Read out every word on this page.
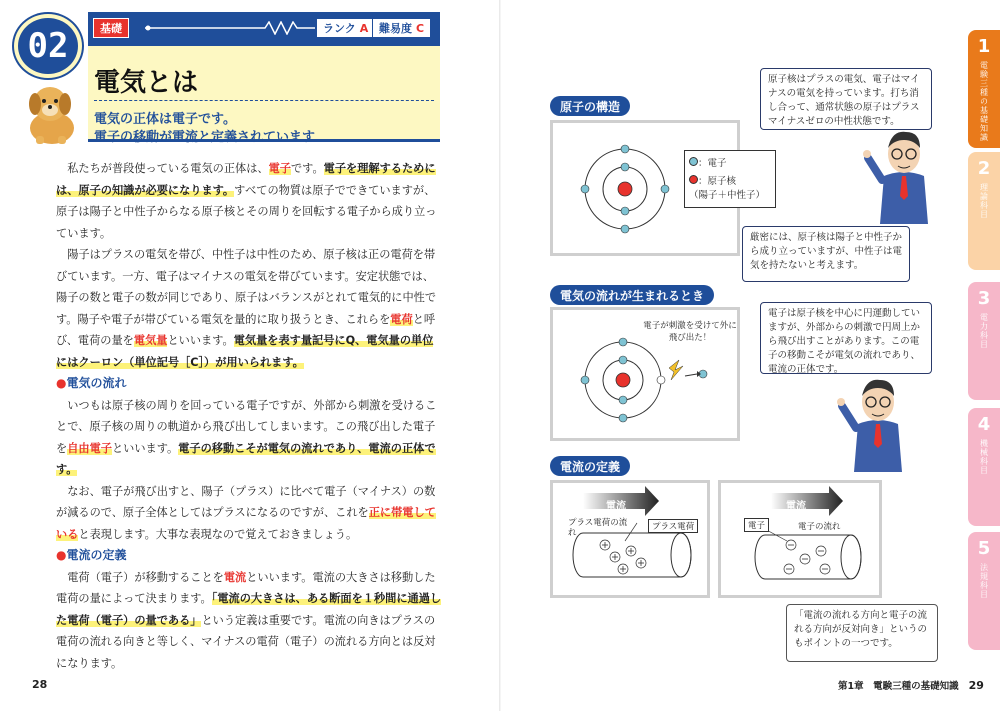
02	基礎	ランク A 難易度 C
電気とは
電気の正体は電子です。
電子の移動が電流と定義されています

私たちが普段使っている電気の正体は、電子です。電子を理解するためには、原子の知識が必要になります。すべての物質は原子でできていますが、原子は陽子と中性子からなる原子核とその周りを回転する電子から成り立っています。

陽子はプラスの電気を帯び、中性子は中性のため、原子核は正の電荷を帯びています。一方、電子はマイナスの電気を帯びています。安定状態では、陽子の数と電子の数が同じであり、原子はバランスがとれて電気的に中性です。陽子や電子が帯びている電気を量的に取り扱うとき、これらを電荷と呼び、電荷の量を電気量といいます。電気量を表す量記号にQ、電気量の単位にはクーロン（単位記号［C］）が用いられます。

●電気の流れ

いつもは原子核の周りを回っている電子ですが、外部から刺激を受けることで、原子核の周りの軌道から飛び出してしまいます。この飛び出した電子を自由電子といいます。電子の移動こそが電気の流れであり、電流の正体です。

なお、電子が飛び出すと、陽子（プラス）に比べて電子（マイナス）の数が減るので、原子全体としてはプラスになるのですが、これを正に帯電していると表現します。大事な表現なので覚えておきましょう。

●電流の定義

電荷（電子）が移動することを電流といいます。電流の大きさは移動した電荷の量によって決まります。「電流の大きさは、ある断面を１秒間に通過した電荷（電子）の量である」という定義は重要です。電流の向きはプラスの電荷の流れる向きと等しく、マイナスの電荷（電子）の流れる方向とは反対になります。

28
原子の構造
：電子
：原子核
（陽子＋中性子）
電気の流れが生まれるとき
電子が刺激を受けて外に飛び出た！
電流の定義
電流
プラス電荷の流れ
プラス電荷
電流
電子	電子の流れ
原子核はプラスの電気、電子はマイナスの電気を持っています。打ち消し合って、通常状態の原子はプラスマイナスゼロの中性状態です。
厳密には、原子核は陽子と中性子から成り立っていますが、中性子は電気を持たないと考えます。
電子は原子核を中心に円運動していますが、外部からの刺激で円周上から飛び出すことがあります。この電子の移動こそが電気の流れであり、電流の正体です。
「電流の流れる方向と電子の流れる方向が反対向き」というのもポイントの一つです。
1
電験三種の基礎知識
2
理論科目
3
電力科目
4
機械科目
5
法規科目
第1章　電験三種の基礎知識 29
